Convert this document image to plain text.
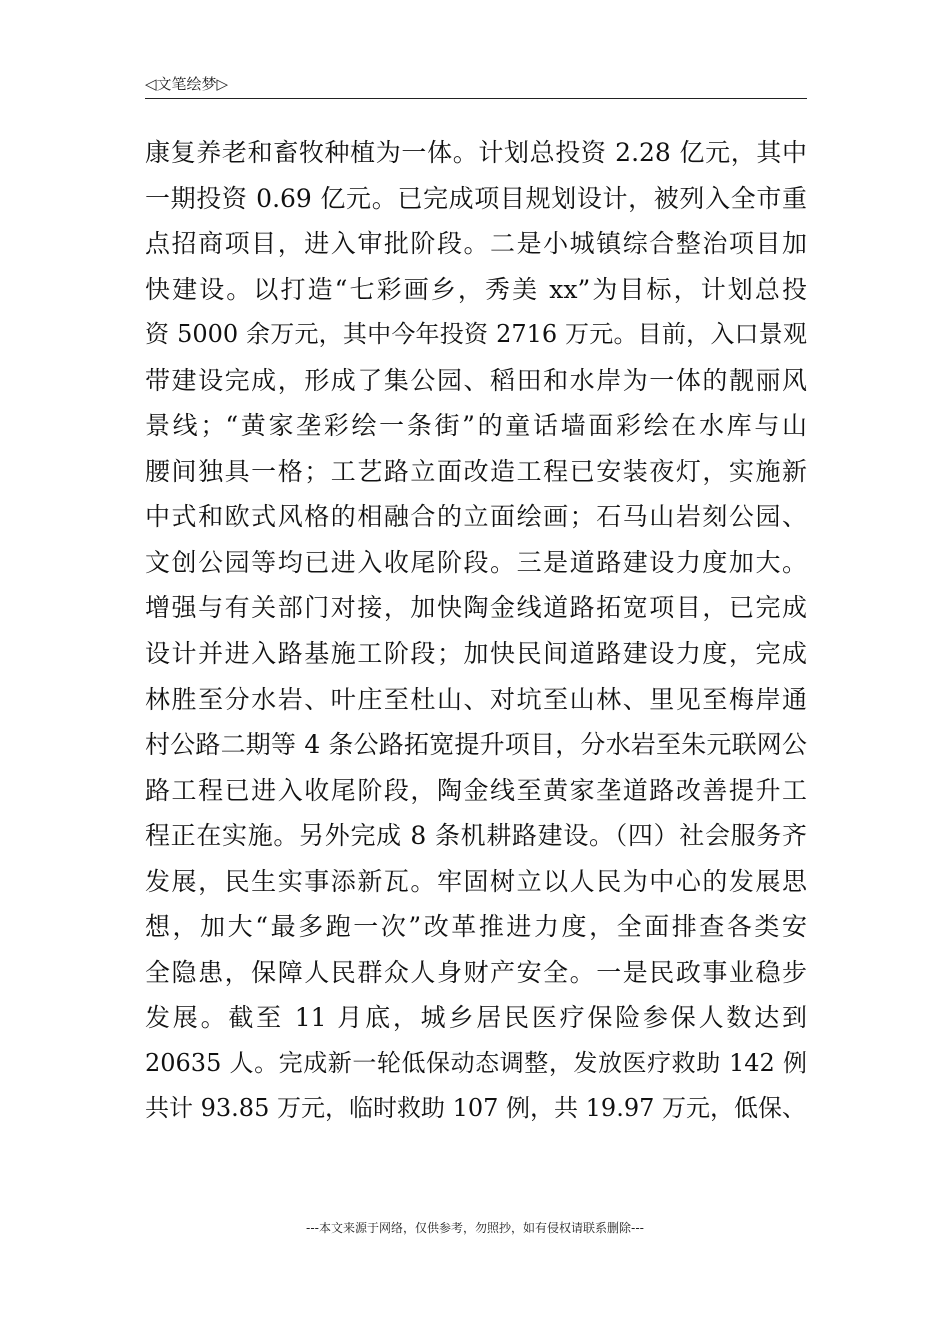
◁文笔绘梦▷
康复养老和畜牧种植为一体。计划总投资 2.28 亿元，其中
一期投资 0.69 亿元。已完成项目规划设计，被列入全市重
点招商项目，进入审批阶段。二是小城镇综合整治项目加
快建设。以打造“七彩画乡，秀美 xx”为目标，计划总投
资 5000 余万元，其中今年投资 2716 万元。目前，入口景观
带建设完成，形成了集公园、稻田和水岸为一体的靓丽风
景线；“黄家垄彩绘一条街”的童话墙面彩绘在水库与山
腰间独具一格；工艺路立面改造工程已安装夜灯，实施新
中式和欧式风格的相融合的立面绘画；石马山岩刻公园、
文创公园等均已进入收尾阶段。三是道路建设力度加大。
增强与有关部门对接，加快陶金线道路拓宽项目，已完成
设计并进入路基施工阶段；加快民间道路建设力度，完成
林胜至分水岩、叶庄至杜山、对坑至山林、里见至梅岸通
村公路二期等 4 条公路拓宽提升项目，分水岩至朱元联网公
路工程已进入收尾阶段，陶金线至黄家垄道路改善提升工
程正在实施。另外完成 8 条机耕路建设。（四）社会服务齐
发展，民生实事添新瓦。牢固树立以人民为中心的发展思
想，加大“最多跑一次”改革推进力度，全面排查各类安
全隐患，保障人民群众人身财产安全。一是民政事业稳步
发展。截至 11 月底，城乡居民医疗保险参保人数达到
20635 人。完成新一轮低保动态调整，发放医疗救助 142 例
共计 93.85 万元，临时救助 107 例，共 19.97 万元，低保、
---本文来源于网络，仅供参考，勿照抄，如有侵权请联系删除---
